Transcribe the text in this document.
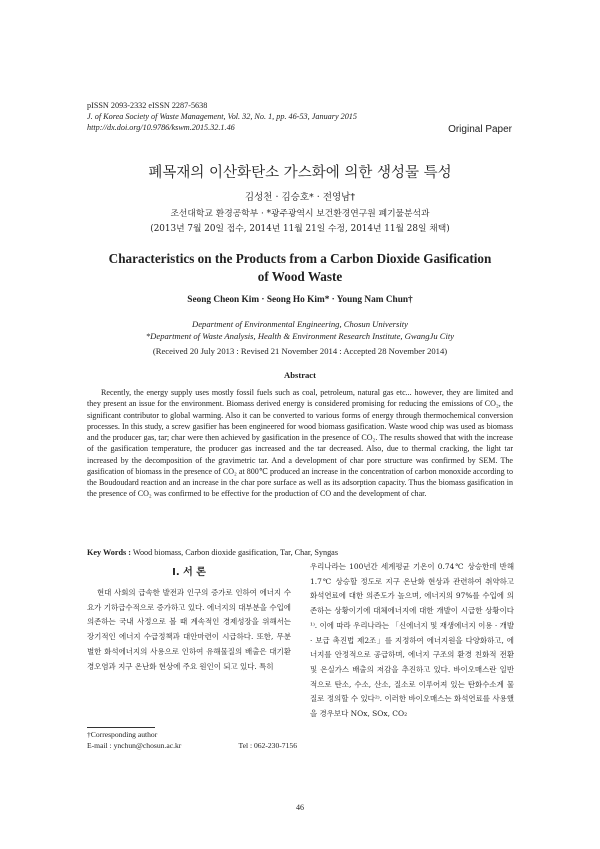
pISSN 2093-2332 eISSN 2287-5638
J. of Korea Society of Waste Management, Vol. 32, No. 1, pp. 46-53, January 2015
http://dx.doi.org/10.9786/kswm.2015.32.1.46	Original Paper
폐목재의 이산화탄소 가스화에 의한 생성물 특성
김성천 · 김승호* · 전영남†
조선대학교 환경공학부 · *광주광역시 보건환경연구원 폐기물분석과
(2013년 7월 20일 접수, 2014년 11월 21일 수정, 2014년 11월 28일 채택)
Characteristics on the Products from a Carbon Dioxide Gasification
of Wood Waste
Seong Cheon Kim · Seong Ho Kim* · Young Nam Chun†
Department of Environmental Engineering, Chosun University
*Department of Waste Analysis, Health & Environment Research Institute, GwangJu City
(Received 20 July 2013 : Revised 21 November 2014 : Accepted 28 November 2014)
Abstract
Recently, the energy supply uses mostly fossil fuels such as coal, petroleum, natural gas etc... however, they are limited and they present an issue for the environment. Biomass derived energy is considered promising for reducing the emissions of CO₂, the significant contributor to global warming. Also it can be converted to various forms of energy through thermochemical conversion processes. In this study, a screw gasifier has been engineered for wood biomass gasification. Waste wood chip was used as biomass and the producer gas, tar; char were then achieved by gasification in the presence of CO₂. The results showed that with the increase of the gasification temperature, the producer gas increased and the tar decreased. Also, due to thermal cracking, the light tar increased by the decomposition of the gravimetric tar. And a development of char pore structure was confirmed by SEM. The gasification of biomass in the presence of CO₂ at 800℃ produced an increase in the concentration of carbon monoxide according to the Boudoudard reaction and an increase in the char pore surface as well as its adsorption capacity. Thus the biomass gasification in the presence of CO₂ was confirmed to be effective for the production of CO and the development of char.
Key Words : Wood biomass, Carbon dioxide gasification, Tar, Char, Syngas
I. 서 론
현대 사회의 급속한 발전과 인구의 증가로 인하여 에너지 수요가 기하급수적으로 증가하고 있다. 에너지의 대부분을 수입에 의존하는 국내 사정으로 볼 때 계속적인 경제성장을 위해서는 장기적인 에너지 수급정책과 대안마련이 시급하다. 또한, 무분별한 화석에너지의 사용으로 인하여 유해물질의 배출은 대기환경오염과 지구 온난화 현상에 주요 원인이 되고 있다. 특히
우리나라는 100년간 세계평균 기온이 0.74℃ 상승한데 반해 1.7℃ 상승할 정도로 지구 온난화 현상과 관련하여 취약하고 화석연료에 대한 의존도가 높으며, 에너지의 97%를 수입에 의존하는 상황이기에 대체에너지에 대한 개발이 시급한 상황이다¹⁾. 이에 따라 우리나라는 「신에너지 및 재생에너지 이용 · 개발 · 보급 촉진법 제2조」를 지정하여 에너지원을 다양화하고, 에너지를 안정적으로 공급하며, 에너지 구조의 환경 친화적 전환 및 온실가스 배출의 저감을 추진하고 있다. 바이오매스란 일반적으로 탄소, 수소, 산소, 질소로 이루어져 있는 탄화수소계 물질로 정의할 수 있다²⁾. 이러한 바이오매스는 화석연료를 사용했을 경우보다 NOx, SOx, CO₂
†Corresponding author
E-mail : ynchun@chosun.ac.kr	Tel : 062-230-7156
46
